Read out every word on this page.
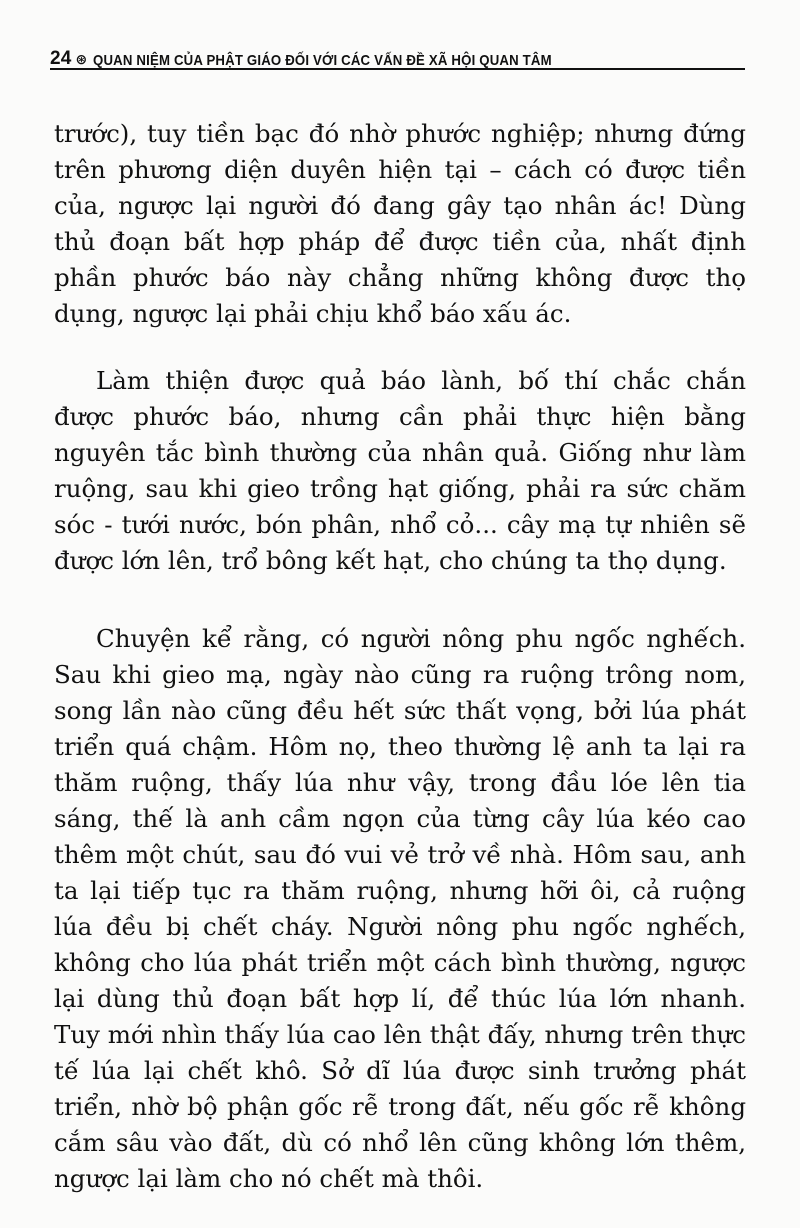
24 ⊛ QUAN NIỆM CỦA PHẬT GIÁO ĐỐI VỚI CÁC VẤN ĐỀ XÃ HỘI QUAN TÂM

trước), tuy tiền bạc đó nhờ phước nghiệp; nhưng đứng trên phương diện duyên hiện tại – cách có được tiền của, ngược lại người đó đang gây tạo nhân ác! Dùng thủ đoạn bất hợp pháp để được tiền của, nhất định phần phước báo này chẳng những không được thọ dụng, ngược lại phải chịu khổ báo xấu ác.

Làm thiện được quả báo lành, bố thí chắc chắn được phước báo, nhưng cần phải thực hiện bằng nguyên tắc bình thường của nhân quả. Giống như làm ruộng, sau khi gieo trồng hạt giống, phải ra sức chăm sóc - tưới nước, bón phân, nhổ cỏ... cây mạ tự nhiên sẽ được lớn lên, trổ bông kết hạt, cho chúng ta thọ dụng.

Chuyện kể rằng, có người nông phu ngốc nghếch. Sau khi gieo mạ, ngày nào cũng ra ruộng trông nom, song lần nào cũng đều hết sức thất vọng, bởi lúa phát triển quá chậm. Hôm nọ, theo thường lệ anh ta lại ra thăm ruộng, thấy lúa như vậy, trong đầu lóe lên tia sáng, thế là anh cầm ngọn của từng cây lúa kéo cao thêm một chút, sau đó vui vẻ trở về nhà. Hôm sau, anh ta lại tiếp tục ra thăm ruộng, nhưng hỡi ôi, cả ruộng lúa đều bị chết cháy. Người nông phu ngốc nghếch, không cho lúa phát triển một cách bình thường, ngược lại dùng thủ đoạn bất hợp lí, để thúc lúa lớn nhanh. Tuy mới nhìn thấy lúa cao lên thật đấy, nhưng trên thực tế lúa lại chết khô. Sở dĩ lúa được sinh trưởng phát triển, nhờ bộ phận gốc rễ trong đất, nếu gốc rễ không cắm sâu vào đất, dù có nhổ lên cũng không lớn thêm, ngược lại làm cho nó chết mà thôi.
